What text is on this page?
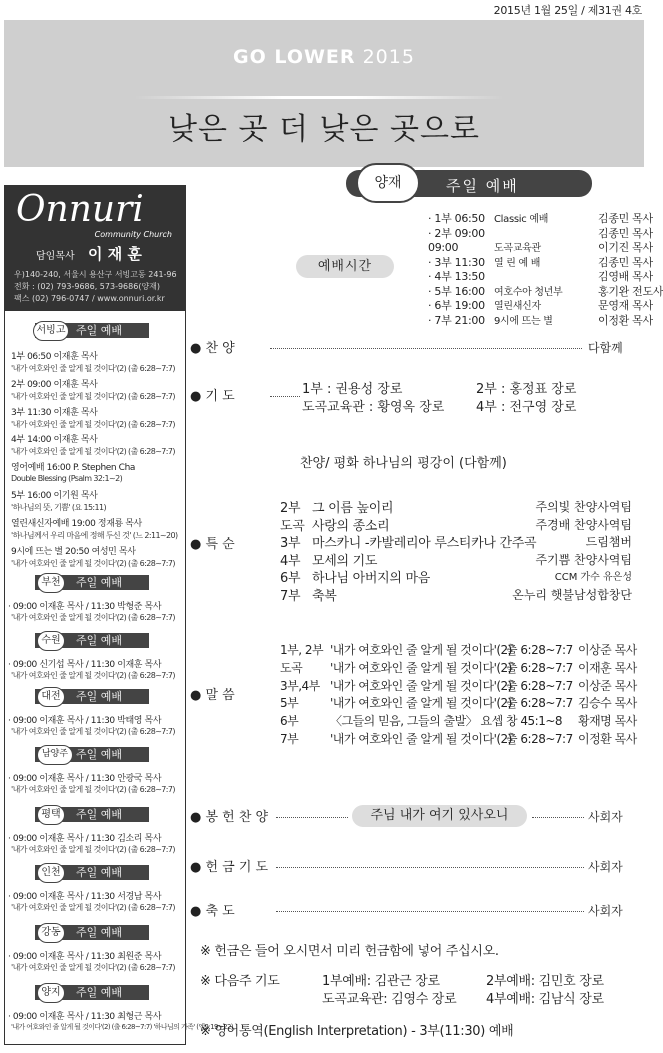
2015년 1월 25일 / 제31권 4호
GO LOWER 2015
낮은 곳 더 낮은 곳으로
Onnuri
Community Church
담임목사 이 재 훈
우)140-240, 서울시 용산구 서빙고동 241-96
전화 : (02) 793-9686, 573-9686(양재)
팩스 (02) 796-0747 / www.onnuri.or.kr
주일 예배
서빙고
1부 06:50 이재훈 목사
'내가 여호와인 줄 알게 될 것이다'(2) (출 6:28~7:7)
2부 09:00 이재훈 목사
'내가 여호와인 줄 알게 될 것이다'(2) (출 6:28~7:7)
3부 11:30 이재훈 목사
'내가 여호와인 줄 알게 될 것이다'(2) (출 6:28~7:7)
4부 14:00 이재훈 목사
'내가 여호와인 줄 알게 될 것이다'(2) (출 6:28~7:7)
영어예배 16:00 P. Stephen Cha
Double Blessing (Psalm 32:1~2)
5부 16:00 이기원 목사
'하나님의 뜻, 기쁨' (요 15:11)
열린새신자예배 19:00 정재룡 목사
'하나님께서 우리 마음에 정해 두신 것' (느 2:11~20)
9시에 뜨는 별 20:50 여성민 목사
'내가 여호와인 줄 알게 될 것이다'(2) (출 6:28~7:7)
주일 예배
부천
· 09:00 이재훈 목사 / 11:30 박형준 목사
'내가 여호와인 줄 알게 될 것이다'(2) (출 6:28~7:7)
주일 예배
수원
· 09:00 신기섭 목사 / 11:30 이재훈 목사
'내가 여호와인 줄 알게 될 것이다'(2) (출 6:28~7:7)
주일 예배
대전
· 09:00 이재훈 목사 / 11:30 박태영 목사
'내가 여호와인 줄 알게 될 것이다'(2) (출 6:28~7:7)
주일 예배
남양주
· 09:00 이재훈 목사 / 11:30 안광국 목사
'내가 여호와인 줄 알게 될 것이다'(2) (출 6:28~7:7)
주일 예배
평택
· 09:00 이재훈 목사 / 11:30 김소리 목사
'내가 여호와인 줄 알게 될 것이다'(2) (출 6:28~7:7)
주일 예배
인천
· 09:00 이재훈 목사 / 11:30 서경남 목사
'내가 여호와인 줄 알게 될 것이다'(2) (출 6:28~7:7)
주일 예배
강동
· 09:00 이재훈 목사 / 11:30 최원준 목사
'내가 여호와인 줄 알게 될 것이다'(2) (출 6:28~7:7)
주일 예배
양지
· 09:00 이재훈 목사 / 11:30 최형근 목사
'내가 여호와인 줄 알게 될 것이다'(2) (출 6:28~7:7) '하나님의 가족' (엡2:19~22)
주일 예배
양재
예배시간
· 1부 06:50 Classic 예배	김종민 목사
· 2부 09:00	김종민 목사
09:00	도곡교육관	이기진 목사
· 3부 11:30 열 린 예 배	김종민 목사
· 4부 13:50	김영배 목사
· 5부 16:00 여호수아 청년부	홍기완 전도사
· 6부 19:00 열린새신자	문영재 목사
· 7부 21:00 9시에 뜨는 별	이정환 목사
● 찬 양	다함께
● 기 도	1부 : 권용성 장로	2부 : 홍정표 장로
도곡교육관 : 황영옥 장로 4부 : 전구영 장로
찬양/ 평화 하나님의 평강이 (다함께)
● 특 순
2부 그 이름 높이리	주의빛 찬양사역팀
도곡 사랑의 종소리	주경배 찬양사역팀
3부 마스카니 -카발레리아 루스티카나 간주곡	드림챔버
4부 모세의 기도	주기쁨 찬양사역팀
6부 하나님 아버지의 마음	CCM 가수 유은성
7부 축복	온누리 햇불남성합창단
● 말 씀
1부, 2부 '내가 여호와인 줄 알게 될 것이다'(2)출 6:28~7:7 이상준 목사
도곡 '내가 여호와인 줄 알게 될 것이다'(2)출 6:28~7:7 이재훈 목사
3부,4부 '내가 여호와인 줄 알게 될 것이다'(2)출 6:28~7:7 이상준 목사
5부	'내가 여호와인 줄 알게 될 것이다'(2)출 6:28~7:7 김승수 목사
6부	〈그들의 믿음, 그들의 출발〉 요셉 창 45:1~8 황재명 목사
7부	'내가 여호와인 줄 알게 될 것이다'(2)출 6:28~7:7 이정환 목사
● 봉 헌 찬 양	주님 내가 여기 있사오니	사회자
● 헌 금 기 도	사회자
● 축 도	사회자
※ 헌금은 들어 오시면서 미리 헌금함에 넣어 주십시오.
※ 다음주 기도	1부예배: 김관근 장로	2부예배: 김민호 장로
도곡교육관: 김영수 장로 4부예배: 김남식 장로
※ 영어통역(English Interpretation) - 3부(11:30) 예배
